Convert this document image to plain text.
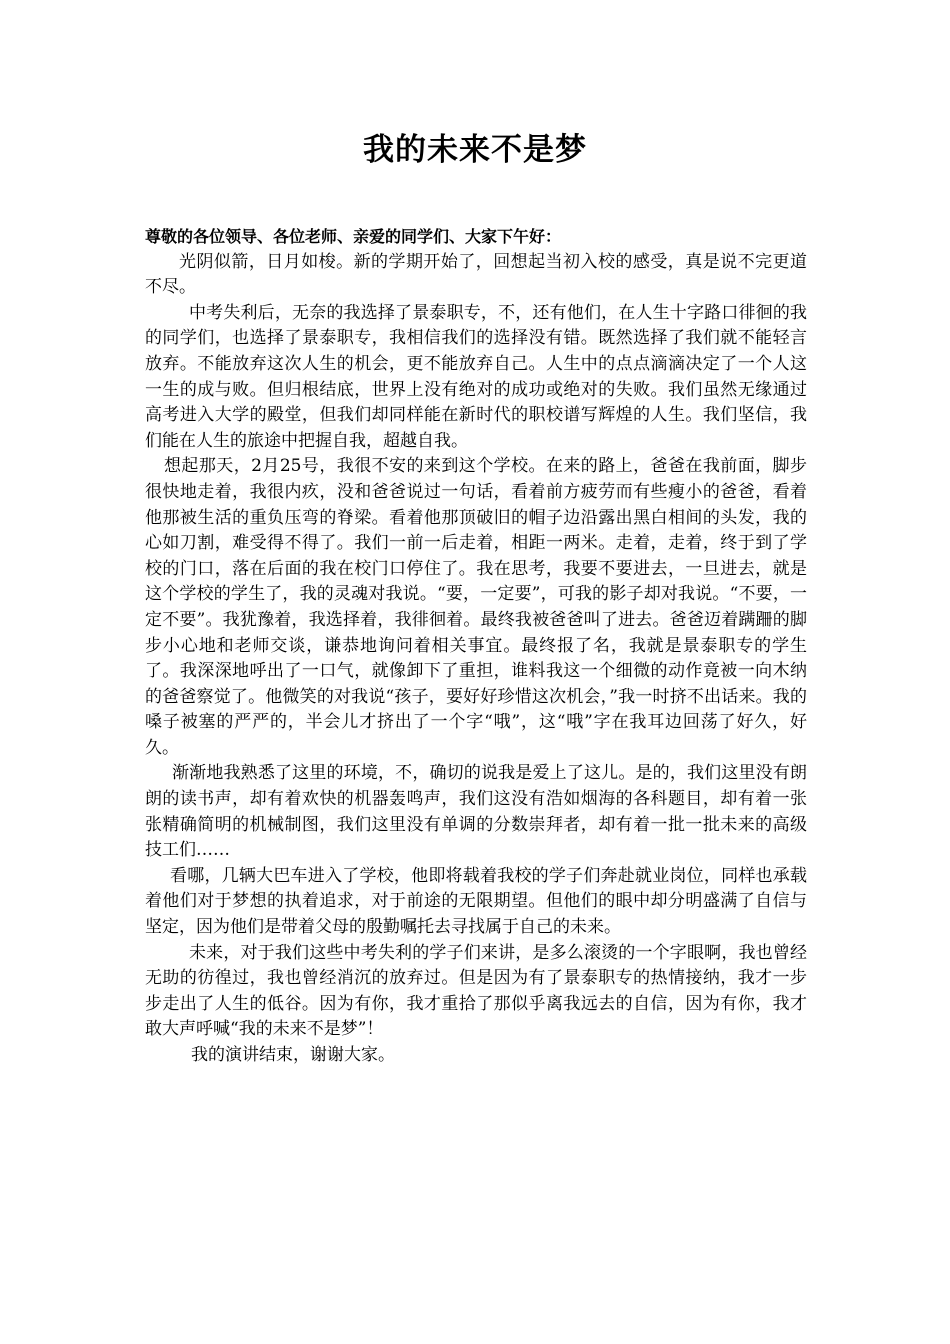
我的未来不是梦

尊敬的各位领导、各位老师、亲爱的同学们、大家下午好：

光阴似箭，日月如梭。新的学期开始了，回想起当初入校的感受，真是说不完更道不尽。

中考失利后，无奈的我选择了景泰职专，不，还有他们，在人生十字路口徘徊的我的同学们，也选择了景泰职专，我相信我们的选择没有错。既然选择了我们就不能轻言放弃。不能放弃这次人生的机会，更不能放弃自己。人生中的点点滴滴决定了一个人这一生的成与败。但归根结底，世界上没有绝对的成功或绝对的失败。我们虽然无缘通过高考进入大学的殿堂，但我们却同样能在新时代的职校谱写辉煌的人生。我们坚信，我们能在人生的旅途中把握自我，超越自我。

想起那天，2月25号，我很不安的来到这个学校。在来的路上，爸爸在我前面，脚步很快地走着，我很内疚，没和爸爸说过一句话，看着前方疲劳而有些瘦小的爸爸，看着他那被生活的重负压弯的脊梁。看着他那顶破旧的帽子边沿露出黑白相间的头发，我的心如刀割，难受得不得了。我们一前一后走着，相距一两米。走着，走着，终于到了学校的门口，落在后面的我在校门口停住了。我在思考，我要不要进去，一旦进去，就是这个学校的学生了，我的灵魂对我说。“要，一定要”，可我的影子却对我说。“不要，一定不要”。我犹豫着，我选择着，我徘徊着。最终我被爸爸叫了进去。爸爸迈着蹒跚的脚步小心地和老师交谈，谦恭地询问着相关事宜。最终报了名，我就是景泰职专的学生了。我深深地呼出了一口气，就像卸下了重担，谁料我这一个细微的动作竟被一向木纳的爸爸察觉了。他微笑的对我说“孩子，要好好珍惜这次机会，”我一时挤不出话来。我的嗓子被塞的严严的，半会儿才挤出了一个字“哦”，这“哦”字在我耳边回荡了好久，好久。

渐渐地我熟悉了这里的环境，不，确切的说我是爱上了这儿。是的，我们这里没有朗朗的读书声，却有着欢快的机器轰鸣声，我们这没有浩如烟海的各科题目，却有着一张张精确简明的机械制图，我们这里没有单调的分数崇拜者，却有着一批一批未来的高级技工们……

看哪，几辆大巴车进入了学校，他即将载着我校的学子们奔赴就业岗位，同样也承载着他们对于梦想的执着追求，对于前途的无限期望。但他们的眼中却分明盛满了自信与坚定，因为他们是带着父母的殷勤嘱托去寻找属于自己的未来。

未来，对于我们这些中考失利的学子们来讲，是多么滚烫的一个字眼啊，我也曾经无助的彷徨过，我也曾经消沉的放弃过。但是因为有了景泰职专的热情接纳，我才一步步走出了人生的低谷。因为有你，我才重拾了那似乎离我远去的自信，因为有你，我才敢大声呼喊“我的未来不是梦”！

我的演讲结束，谢谢大家。
